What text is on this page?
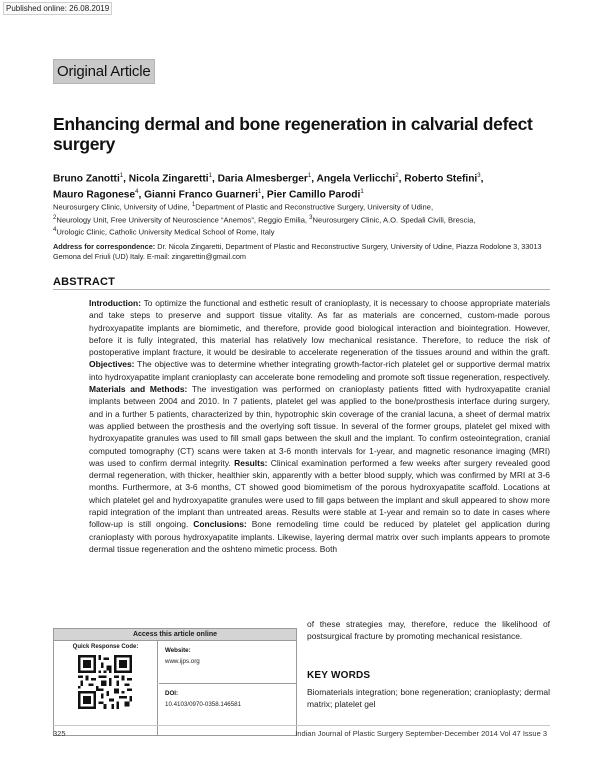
Published online: 26.08.2019
Original Article
Enhancing dermal and bone regeneration in calvarial defect surgery
Bruno Zanotti$^1$, Nicola Zingaretti$^1$, Daria Almesberger$^1$, Angela Verlicchi$^2$, Roberto Stefini$^3$,
Mauro Ragonese$^4$, Gianni Franco Guarneri$^1$, Pier Camillo Parodi$^1$
Neurosurgery Clinic, University of Udine, $^1$Department of Plastic and Reconstructive Surgery, University of Udine,
$^2$Neurology Unit, Free University of Neuroscience “Anemos”, Reggio Emilia, $^3$Neurosurgery Clinic, A.O. Spedali Civili, Brescia,
$^4$Urologic Clinic, Catholic University Medical School of Rome, Italy
Address for correspondence: Dr. Nicola Zingaretti, Department of Plastic and Reconstructive Surgery, University of Udine, Piazza Rodolone 3, 33013 Gemona del Friuli (UD) Italy. E-mail: zingarettin@gmail.com
ABSTRACT
Introduction: To optimize the functional and esthetic result of cranioplasty, it is necessary to choose appropriate materials and take steps to preserve and support tissue vitality. As far as materials are concerned, custom-made porous hydroxyapatite implants are biomimetic, and therefore, provide good biological interaction and biointegration. However, before it is fully integrated, this material has relatively low mechanical resistance. Therefore, to reduce the risk of postoperative implant fracture, it would be desirable to accelerate regeneration of the tissues around and within the graft. Objectives: The objective was to determine whether integrating growth-factor-rich platelet gel or supportive dermal matrix into hydroxyapatite implant cranioplasty can accelerate bone remodeling and promote soft tissue regeneration, respectively. Materials and Methods: The investigation was performed on cranioplasty patients fitted with hydroxyapatite cranial implants between 2004 and 2010. In 7 patients, platelet gel was applied to the bone/prosthesis interface during surgery, and in a further 5 patients, characterized by thin, hypotrophic skin coverage of the cranial lacuna, a sheet of dermal matrix was applied between the prosthesis and the overlying soft tissue. In several of the former groups, platelet gel mixed with hydroxyapatite granules was used to fill small gaps between the skull and the implant. To confirm osteointegration, cranial computed tomography (CT) scans were taken at 3-6 month intervals for 1-year, and magnetic resonance imaging (MRI) was used to confirm dermal integrity. Results: Clinical examination performed a few weeks after surgery revealed good dermal regeneration, with thicker, healthier skin, apparently with a better blood supply, which was confirmed by MRI at 3-6 months. Furthermore, at 3-6 months, CT showed good biomimetism of the porous hydroxyapatite scaffold. Locations at which platelet gel and hydroxyapatite granules were used to fill gaps between the implant and skull appeared to show more rapid integration of the implant than untreated areas. Results were stable at 1-year and remain so to date in cases where follow-up is still ongoing. Conclusions: Bone remodeling time could be reduced by platelet gel application during cranioplasty with porous hydroxyapatite implants. Likewise, layering dermal matrix over such implants appears to promote dermal tissue regeneration and the oshteno mimetic process. Both
of these strategies may, therefore, reduce the likelihood of postsurgical fracture by promoting mechanical resistance.
Access this article online
Quick Response Code:	Website:
www.ijps.org
DOI:
10.4103/0970-0358.146581
KEY WORDS
Biomaterials integration; bone regeneration; cranioplasty; dermal matrix; platelet gel
325	Indian Journal of Plastic Surgery September-December 2014 Vol 47 Issue 3
